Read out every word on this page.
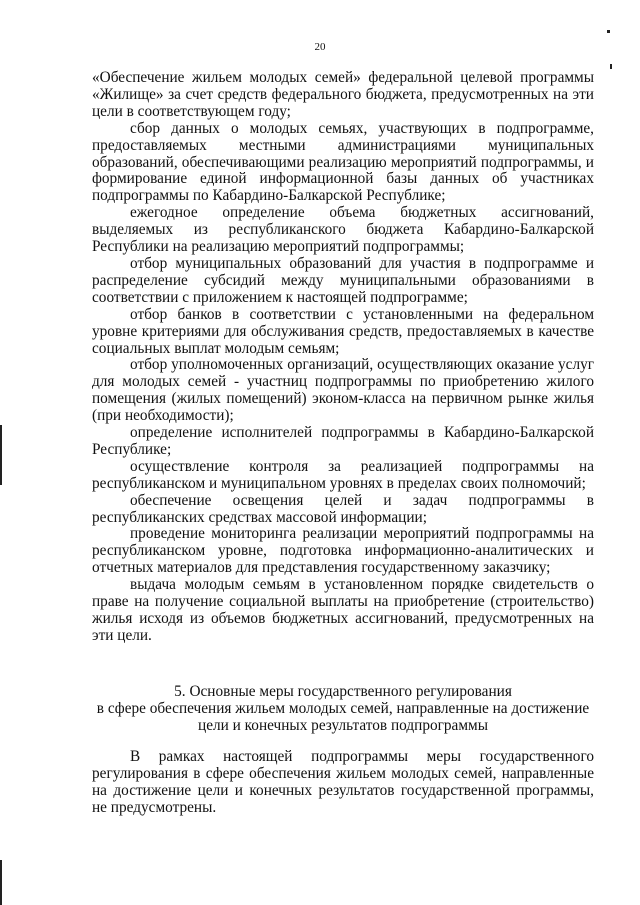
20

«Обеспечение жильем молодых семей» федеральной целевой программы «Жилище» за счет средств федерального бюджета, предусмотренных на эти цели в соответствующем году;

сбор данных о молодых семьях, участвующих в подпрограмме, предоставляемых местными администрациями муниципальных образований, обеспечивающими реализацию мероприятий подпрограммы, и формирование единой информационной базы данных об участниках подпрограммы по Кабардино-Балкарской Республике;

ежегодное определение объема бюджетных ассигнований, выделяемых из республиканского бюджета Кабардино-Балкарской Республики на реализацию мероприятий подпрограммы;

отбор муниципальных образований для участия в подпрограмме и распределение субсидий между муниципальными образованиями в соответствии с приложением к настоящей подпрограмме;

отбор банков в соответствии с установленными на федеральном уровне критериями для обслуживания средств, предоставляемых в качестве социальных выплат молодым семьям;

отбор уполномоченных организаций, осуществляющих оказание услуг для молодых семей - участниц подпрограммы по приобретению жилого помещения (жилых помещений) эконом-класса на первичном рынке жилья (при необходимости);

определение исполнителей подпрограммы в Кабардино-Балкарской Республике;

осуществление контроля за реализацией подпрограммы на республиканском и муниципальном уровнях в пределах своих полномочий;

обеспечение освещения целей и задач подпрограммы в республиканских средствах массовой информации;

проведение мониторинга реализации мероприятий подпрограммы на республиканском уровне, подготовка информационно-аналитических и отчетных материалов для представления государственному заказчику;

выдача молодым семьям в установленном порядке свидетельств о праве на получение социальной выплаты на приобретение (строительство) жилья исходя из объемов бюджетных ассигнований, предусмотренных на эти цели.

5. Основные меры государственного регулирования
в сфере обеспечения жильем молодых семей, направленные на достижение
цели и конечных результатов подпрограммы

В рамках настоящей подпрограммы меры государственного регулирования в сфере обеспечения жильем молодых семей, направленные на достижение цели и конечных результатов государственной программы, не предусмотрены.
